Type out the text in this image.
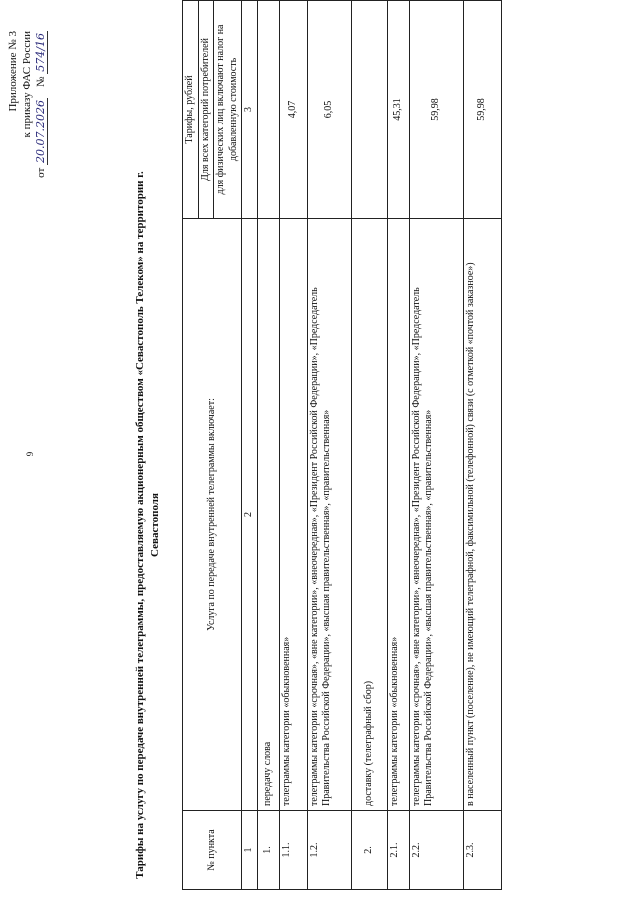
6
Приложение № 3 к приказу ФАС России
от 20.07.2026    № 574/16
Тарифы на услугу по передаче внутренней телеграммы, предоставляемую акционерным обществом «Севастополь Телеком» на территории г. Севастополя
№ пункта	Услуга по передаче внутренней телеграммы включает:	Тарифы, рублей
		Для всех категорий потребителей
		для физических лиц включают налог на добавленную стоимость
1	2	3
1.	передачу слова	
1.1.	телеграммы категории «обыкновенная»	4,07
1.2.	телеграммы категории «срочная», «вне категории», «внеочередная», «Президент Российской Федерации», «Председатель Правительства Российской Федерации», «высшая правительственная», «правительственная»	6,05
2.	доставку (телеграфный сбор)	
2.1.	телеграммы категории «обыкновенная»	45,31
2.2.	телеграммы категории «срочная», «вне категории», «внеочередная», «Президент Российской Федерации», «Председатель Правительства Российской Федерации», «высшая правительственная», «правительственная»	59,98
2.3.	в населенный пункт (поселение), не имеющий телеграфной, факсимильной (телефонной) связи (с отметкой «почтой заказное»)	59,98
